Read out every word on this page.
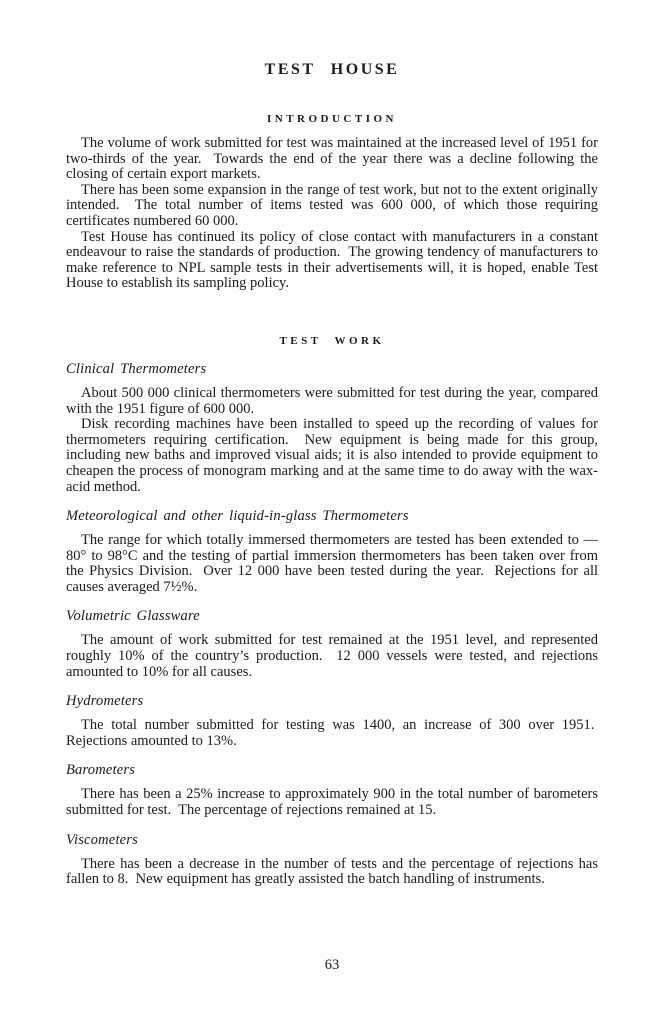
TEST HOUSE
INTRODUCTION

The volume of work submitted for test was maintained at the increased level of 1951 for two-thirds of the year.  Towards the end of the year there was a decline following the closing of certain export markets.

There has been some expansion in the range of test work, but not to the extent originally intended.  The total number of items tested was 600 000, of which those requiring certificates numbered 60 000.

Test House has continued its policy of close contact with manufacturers in a constant endeavour to raise the standards of production.  The growing tendency of manufacturers to make reference to NPL sample tests in their advertisements will, it is hoped, enable Test House to establish its sampling policy.

TEST WORK
Clinical Thermometers

About 500 000 clinical thermometers were submitted for test during the year, compared with the 1951 figure of 600 000.

Disk recording machines have been installed to speed up the recording of values for thermometers requiring certification.  New equipment is being made for this group, including new baths and improved visual aids; it is also intended to provide equipment to cheapen the process of monogram marking and at the same time to do away with the wax-acid method.

Meteorological and other liquid-in-glass Thermometers

The range for which totally immersed thermometers are tested has been extended to —80° to 98°C and the testing of partial immersion thermometers has been taken over from the Physics Division.  Over 12 000 have been tested during the year.  Rejections for all causes averaged 7½%.

Volumetric Glassware

The amount of work submitted for test remained at the 1951 level, and represented roughly 10% of the country’s production.  12 000 vessels were tested, and rejections amounted to 10% for all causes.

Hydrometers

The total number submitted for testing was 1400, an increase of 300 over 1951.  Rejections amounted to 13%.

Barometers

There has been a 25% increase to approximately 900 in the total number of barometers submitted for test.  The percentage of rejections remained at 15.

Viscometers

There has been a decrease in the number of tests and the percentage of rejections has fallen to 8.  New equipment has greatly assisted the batch handling of instruments.

63
